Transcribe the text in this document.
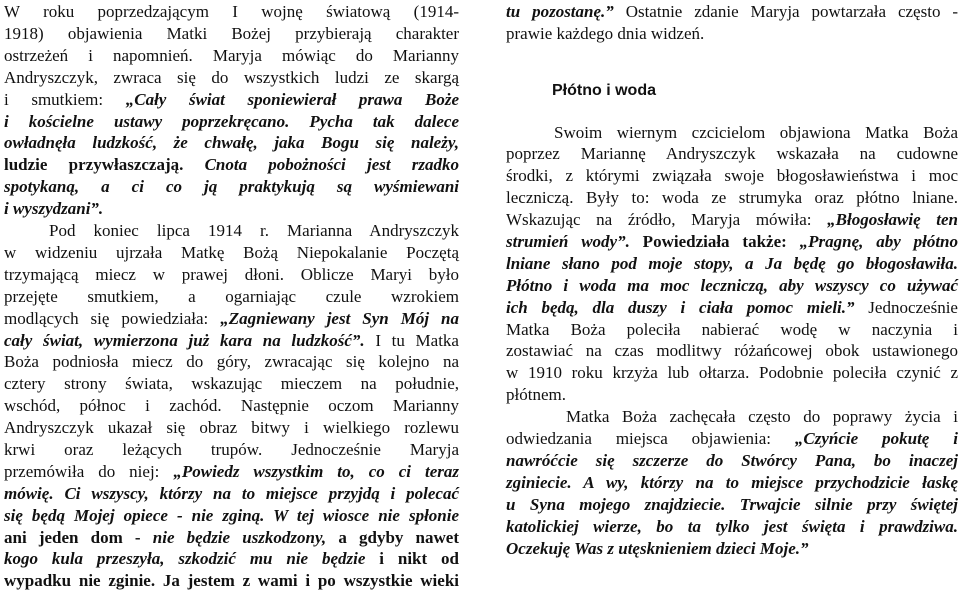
W roku poprzedzającym I wojnę światową (1914-
1918) objawienia Matki Bożej przybierają charakter
ostrzeżeń i napomnień. Maryja mówiąc do Marianny
Andryszczyk, zwraca się do wszystkich ludzi ze skargą
i smutkiem: „Cały świat sponiewierał prawa Boże
i kościelne ustawy poprzekręcano. Pycha tak dalece
owładnęła ludzkość, że chwałę, jaka Bogu się należy,
ludzie przywłaszczają. Cnota pobożności jest rzadko
spotykaną, a ci co ją praktykują są wyśmiewani
i wyszydzani”.
Pod koniec lipca 1914 r. Marianna Andryszczyk
w widzeniu ujrzała Matkę Bożą Niepokalanie Poczętą
trzymającą miecz w prawej dłoni. Oblicze Maryi było
przejęte smutkiem, a ogarniając czule wzrokiem
modlących się powiedziała: „Zagniewany jest Syn Mój na
cały świat, wymierzona już kara na ludzkość”. I tu Matka
Boża podniosła miecz do góry, zwracając się kolejno na
cztery strony świata, wskazując mieczem na południe,
wschód, północ i zachód. Następnie oczom Marianny
Andryszczyk ukazał się obraz bitwy i wielkiego rozlewu
krwi oraz leżących trupów. Jednocześnie Maryja
przemówiła do niej: „Powiedz wszystkim to, co ci teraz
mówię. Ci wszyscy, którzy na to miejsce przyjdą i polecać
się będą Mojej opiece - nie zginą. W tej wiosce nie spłonie
ani jeden dom - nie będzie uszkodzony, a gdyby nawet
kogo kula przeszyła, szkodzić mu nie będzie i nikt od
wypadku nie zginie. Ja jestem z wami i po wszystkie wieki
tu pozostanę.” Ostatnie zdanie Maryja powtarzała często -
prawie każdego dnia widzeń.
Płótno i woda
Swoim wiernym czcicielom objawiona Matka Boża
poprzez Mariannę Andryszczyk wskazała na cudowne
środki, z którymi związała swoje błogosławieństwa i moc
leczniczą. Były to: woda ze strumyka oraz płótno lniane.
Wskazując na źródło, Maryja mówiła: „Błogosławię ten
strumień wody”. Powiedziała także: „Pragnę, aby płótno
lniane słano pod moje stopy, a Ja będę go błogosławiła.
Płótno i woda ma moc leczniczą, aby wszyscy co używać
ich będą, dla duszy i ciała pomoc mieli.” Jednocześnie
Matka Boża poleciła nabierać wodę w naczynia i
zostawiać na czas modlitwy różańcowej obok ustawionego
w 1910 roku krzyża lub ołtarza. Podobnie poleciła czynić z
płótnem.
Matka Boża zachęcała często do poprawy życia i
odwiedzania miejsca objawienia: „Czyńcie pokutę i
nawróćcie się szczerze do Stwórcy Pana, bo inaczej
zginiecie. A wy, którzy na to miejsce przychodzicie łaskę
u Syna mojego znajdziecie. Trwajcie silnie przy świętej
katolickiej wierze, bo ta tylko jest święta i prawdziwa.
Oczekuję Was z utęsknieniem dzieci Moje.”
